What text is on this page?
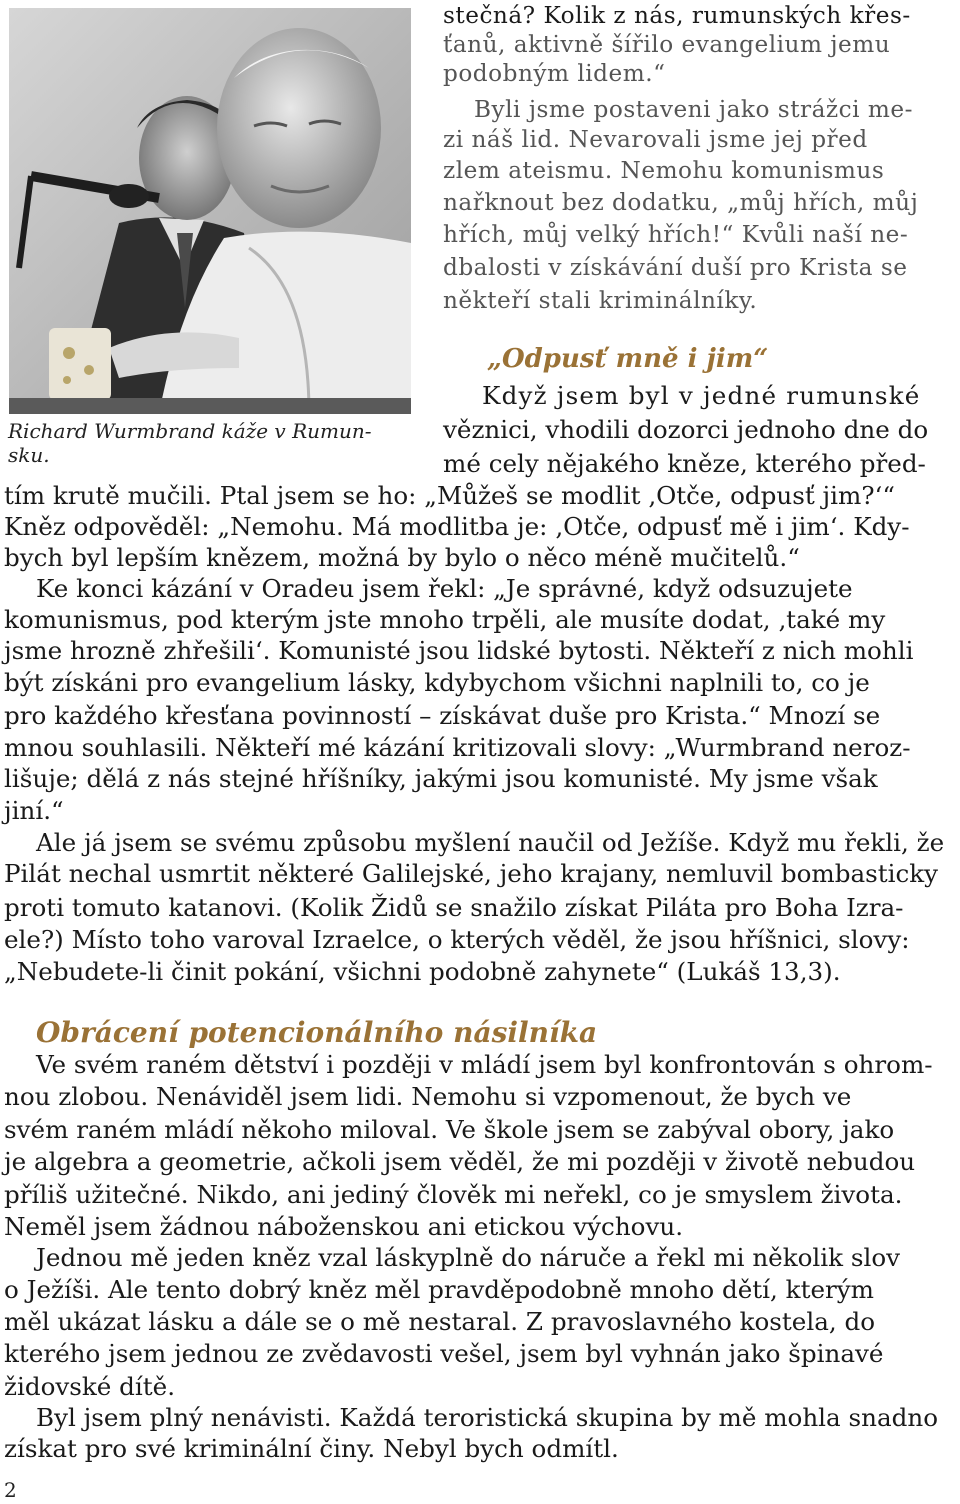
stečná? Kolik z nás, rumunských křes-
ťanů, aktivně šířilo evangelium jemu
podobným lidem.“
Byli jsme postaveni jako strážci me-
zi náš lid. Nevarovali jsme jej před
zlem ateismu. Nemohu komunismus
nařknout bez dodatku, „můj hřích, můj
hřích, můj velký hřích!“ Kvůli naší ne-
dbalosti v získávání duší pro Krista se
někteří stali kriminálníky.
„Odpusť mně i jim“
Když jsem byl v jedné rumunské
věznici, vhodili dozorci jednoho dne do
mé cely nějakého kněze, kterého před-
Richard Wurmbrand káže v Rumun-
sku.
tím krutě mučili. Ptal jsem se ho: „Můžeš se modlit ‚Otče, odpusť jim?‘“
Kněz odpověděl: „Nemohu. Má modlitba je: ‚Otče, odpusť mě i jim‘. Kdy-
bych byl lepším knězem, možná by bylo o něco méně mučitelů.“
Ke konci kázání v Oradeu jsem řekl: „Je správné, když odsuzujete
komunismus, pod kterým jste mnoho trpěli, ale musíte dodat, ‚také my
jsme hrozně zhřešili‘. Komunisté jsou lidské bytosti. Někteří z nich mohli
být získáni pro evangelium lásky, kdybychom všichni naplnili to, co je
pro každého křesťana povinností – získávat duše pro Krista.“ Mnozí se
mnou souhlasili. Někteří mé kázání kritizovali slovy: „Wurmbrand neroz-
lišuje; dělá z nás stejné hříšníky, jakými jsou komunisté. My jsme však
jiní.“
Ale já jsem se svému způsobu myšlení naučil od Ježíše. Když mu řekli, že
Pilát nechal usmrtit některé Galilejské, jeho krajany, nemluvil bombasticky
proti tomuto katanovi. (Kolik Židů se snažilo získat Piláta pro Boha Izra-
ele?) Místo toho varoval Izraelce, o kterých věděl, že jsou hříšnici, slovy:
„Nebudete-li činit pokání, všichni podobně zahynete“ (Lukáš 13,3).
Obrácení potencionálního násilníka
Ve svém raném dětství i později v mládí jsem byl konfrontován s ohrom-
nou zlobou. Nenáviděl jsem lidi. Nemohu si vzpomenout, že bych ve
svém raném mládí někoho miloval. Ve škole jsem se zabýval obory, jako
je algebra a geometrie, ačkoli jsem věděl, že mi později v životě nebudou
příliš užitečné. Nikdo, ani jediný člověk mi neřekl, co je smyslem života.
Neměl jsem žádnou náboženskou ani etickou výchovu.
Jednou mě jeden kněz vzal láskyplně do náruče a řekl mi několik slov
o Ježíši. Ale tento dobrý kněz měl pravděpodobně mnoho dětí, kterým
měl ukázat lásku a dále se o mě nestaral. Z pravoslavného kostela, do
kterého jsem jednou ze zvědavosti vešel, jsem byl vyhnán jako špinavé
židovské dítě.
Byl jsem plný nenávisti. Každá teroristická skupina by mě mohla snadno
získat pro své kriminální činy. Nebyl bych odmítl.
2
